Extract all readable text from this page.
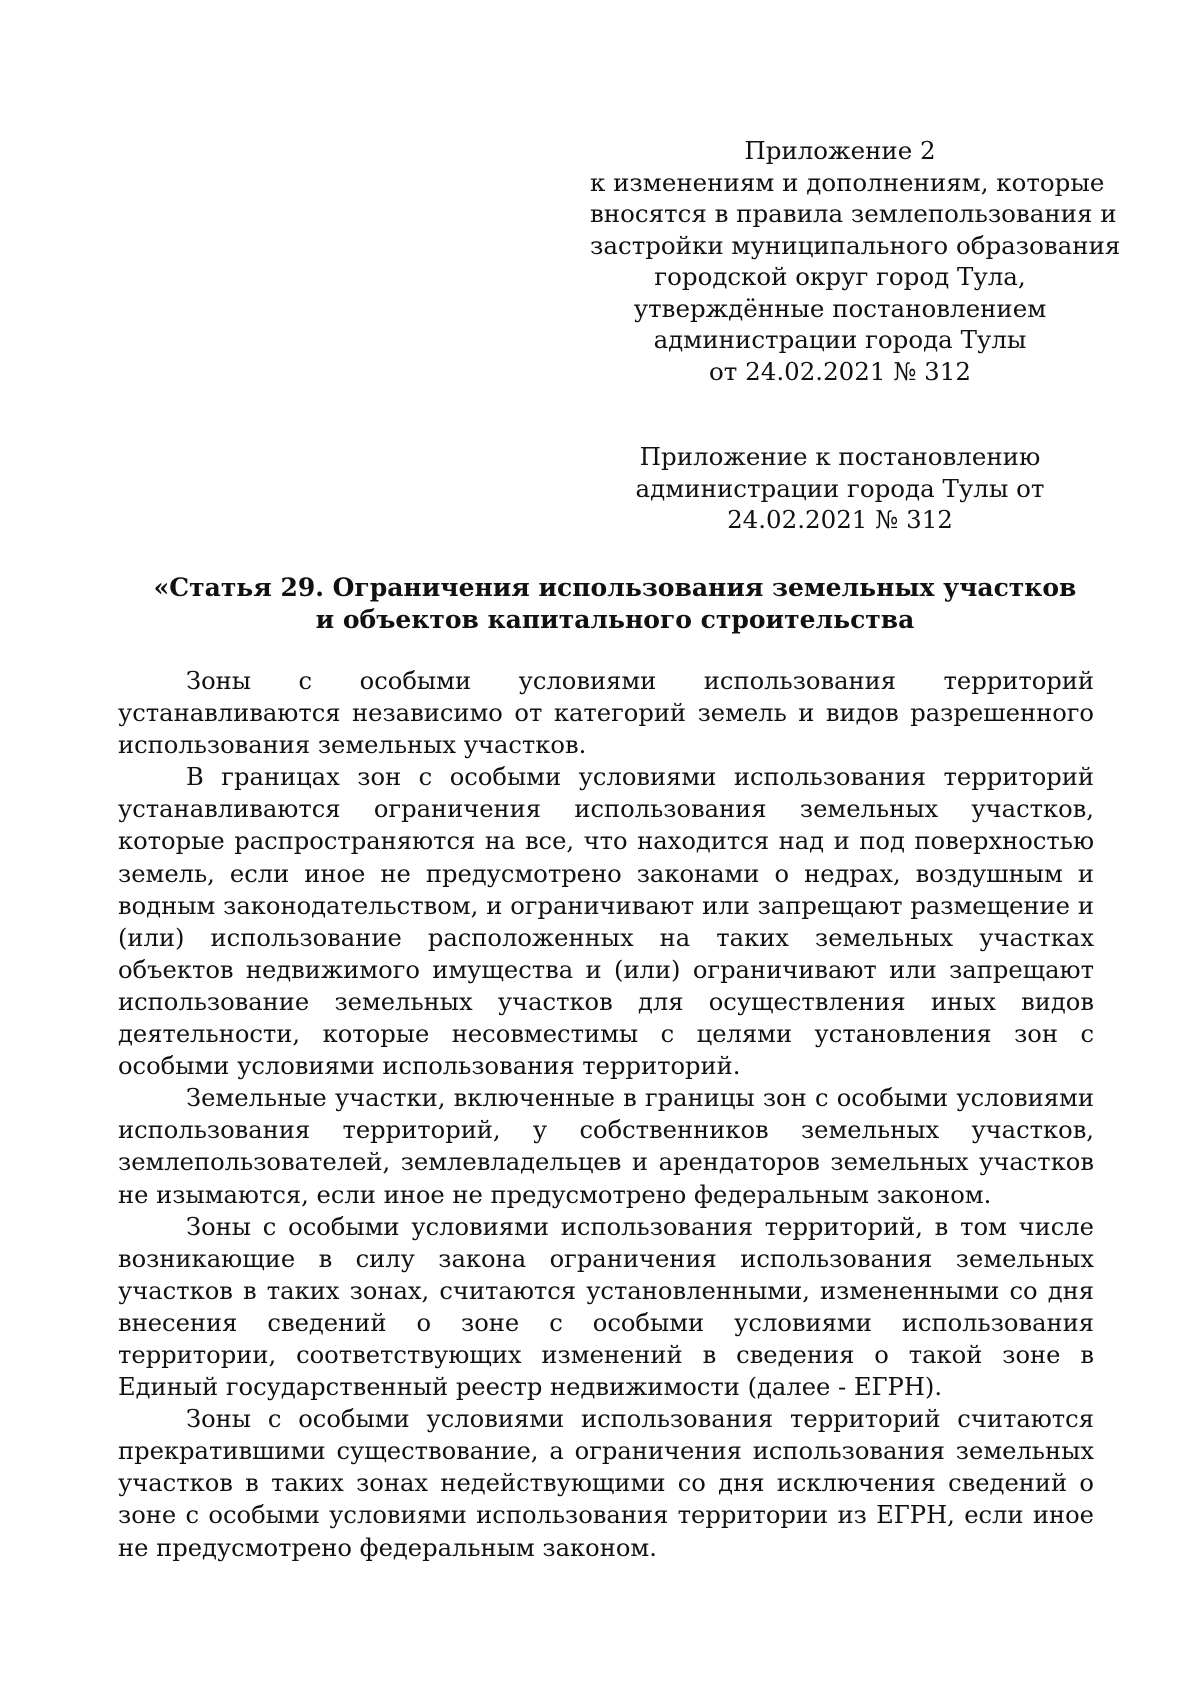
Приложение 2
к изменениям и дополнениям, которые
вносятся в правила землепользования и
застройки муниципального образования
городской округ город Тула,
утверждённые постановлением
администрации города Тулы
от 24.02.2021 № 312
Приложение к постановлению
администрации города Тулы от
24.02.2021 № 312
«Статья 29. Ограничения использования земельных участков
и объектов капитального строительства

Зоны с особыми условиями использования территорий устанавливаются независимо от категорий земель и видов разрешенного использования земельных участков.

В границах зон с особыми условиями использования территорий устанавливаются ограничения использования земельных участков, которые распространяются на все, что находится над и под поверхностью земель, если иное не предусмотрено законами о недрах, воздушным и водным законодательством, и ограничивают или запрещают размещение и (или) использование расположенных на таких земельных участках объектов недвижимого имущества и (или) ограничивают или запрещают использование земельных участков для осуществления иных видов деятельности, которые несовместимы с целями установления зон с особыми условиями использования территорий.

Земельные участки, включенные в границы зон с особыми условиями использования территорий, у собственников земельных участков, землепользователей, землевладельцев и арендаторов земельных участков не изымаются, если иное не предусмотрено федеральным законом.

Зоны с особыми условиями использования территорий, в том числе возникающие в силу закона ограничения использования земельных участков в таких зонах, считаются установленными, измененными со дня внесения сведений о зоне с особыми условиями использования территории, соответствующих изменений в сведения о такой зоне в Единый государственный реестр недвижимости (далее - ЕГРН).

Зоны с особыми условиями использования территорий считаются прекратившими существование, а ограничения использования земельных участков в таких зонах недействующими со дня исключения сведений о зоне с особыми условиями использования территории из ЕГРН, если иное не предусмотрено федеральным законом.
